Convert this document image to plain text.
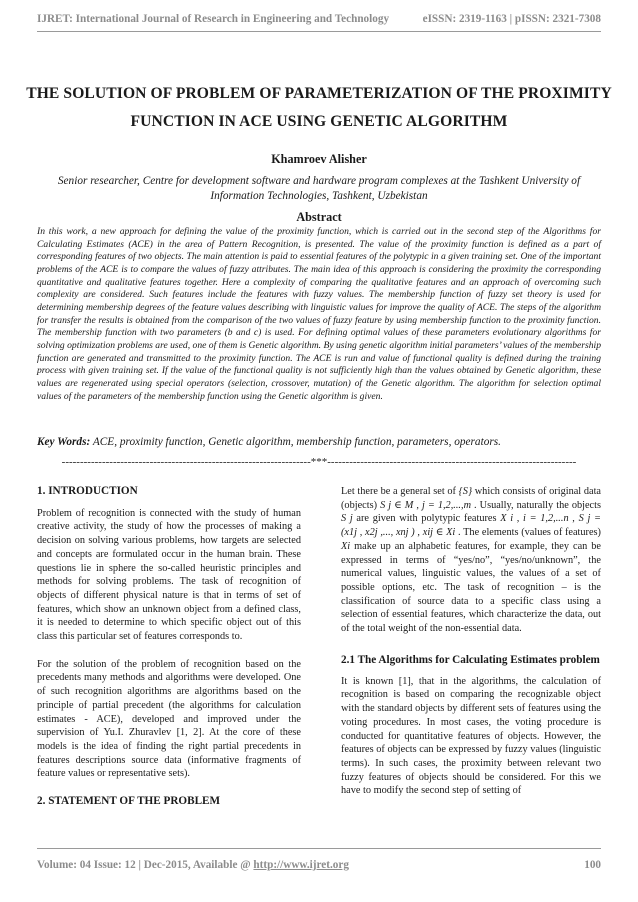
IJRET: International Journal of Research in Engineering and Technology	eISSN: 2319-1163 | pISSN: 2321-7308
THE SOLUTION OF PROBLEM OF PARAMETERIZATION OF THE PROXIMITY FUNCTION IN ACE USING GENETIC ALGORITHM
Khamroev Alisher
Senior researcher, Centre for development software and hardware program complexes at the Tashkent University of Information Technologies, Tashkent, Uzbekistan
Abstract
In this work, a new approach for defining the value of the proximity function, which is carried out in the second step of the Algorithms for Calculating Estimates (ACE) in the area of Pattern Recognition, is presented. The value of the proximity function is defined as a part of corresponding features of two objects. The main attention is paid to essential features of the polytypic in a given training set. One of the important problems of the ACE is to compare the values of fuzzy attributes. The main idea of this approach is considering the proximity the corresponding quantitative and qualitative features together. Here a complexity of comparing the qualitative features and an approach of overcoming such complexity are considered. Such features include the features with fuzzy values. The membership function of fuzzy set theory is used for determining membership degrees of the feature values describing with linguistic values for improve the quality of ACE. The steps of the algorithm for transfer the results is obtained from the comparison of the two values of fuzzy feature by using membership function to the proximity function. The membership function with two parameters (b and c) is used. For defining optimal values of these parameters evolutionary algorithms for solving optimization problems are used, one of them is Genetic algorithm. By using genetic algorithm initial parameters’ values of the membership function are generated and transmitted to the proximity function. The ACE is run and value of functional quality is defined during the training process with given training set. If the value of the functional quality is not sufficiently high than the values obtained by Genetic algorithm, these values are regenerated using special operators (selection, crossover, mutation) of the Genetic algorithm. The algorithm for selection optimal values of the parameters of the membership function using the Genetic algorithm is given.
Key Words: ACE, proximity function, Genetic algorithm, membership function, parameters, operators.
--------------------------------------------------------------------***--------------------------------------------------------------------
1. INTRODUCTION

Problem of recognition is connected with the study of human creative activity, the study of how the processes of making a decision on solving various problems, how targets are selected and concepts are formulated occur in the human brain. These questions lie in sphere the so-called heuristic principles and methods for solving problems. The task of recognition of objects of different physical nature is that in terms of set of features, which show an unknown object from a defined class, it is needed to determine to which specific object out of this class this particular set of features corresponds to.

For the solution of the problem of recognition based on the precedents many methods and algorithms were developed. One of such recognition algorithms are algorithms based on the principle of partial precedent (the algorithms for calculation estimates - ACE), developed and improved under the supervision of Yu.I. Zhuravlev [1, 2]. At the core of these models is the idea of finding the right partial precedents in features descriptions source data (informative fragments of feature values or representative sets).

2. STATEMENT OF THE PROBLEM

Let there be a general set of {S} which consists of original data (objects) S j ∈ M , j = 1,2,...,m . Usually, naturally the objects S j are given with polytypic features X i , i = 1,2,...n , S j = (x1j , x2j ,..., xnj ) , xij ∈ Xi . The elements (values of features) Xi make up an alphabetic features, for example, they can be expressed in terms of “yes/no”, “yes/no/unknown”, the numerical values, linguistic values, the values of a set of possible options, etc. The task of recognition – is the classification of source data to a specific class using a selection of essential features, which characterize the data, out of the total weight of the non-essential data.

2.1 The Algorithms for Calculating Estimates problem

It is known [1], that in the algorithms, the calculation of recognition is based on comparing the recognizable object with the standard objects by different sets of features using the voting procedures. In most cases, the voting procedure is conducted for quantitative features of objects. However, the features of objects can be expressed by fuzzy values (linguistic terms). In such cases, the proximity between relevant two fuzzy features of objects should be considered. For this we have to modify the second step of setting of

Volume: 04 Issue: 12 | Dec-2015, Available @ http://www.ijret.org	100
